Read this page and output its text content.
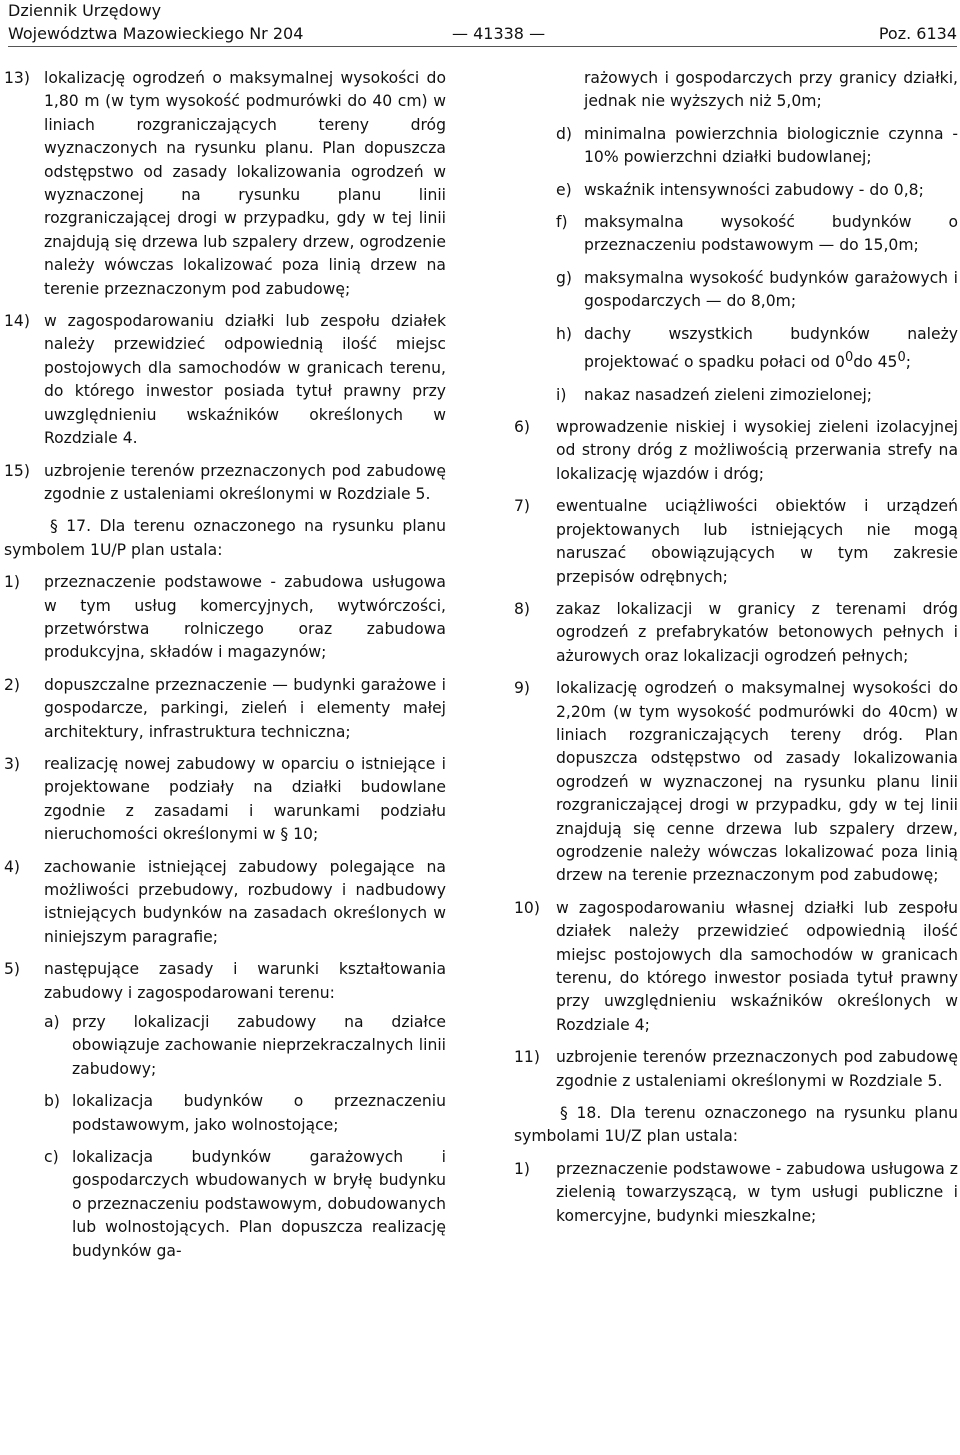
Dziennik Urzędowy
Województwa Mazowieckiego Nr 204	— 41338 —	Poz. 6134
13) lokalizację ogrodzeń o maksymalnej wysokości do 1,80 m (w tym wysokość podmurówki do 40 cm) w liniach rozgraniczających tereny dróg wyznaczonych na rysunku planu. Plan dopuszcza odstępstwo od zasady lokalizowania ogrodzeń w wyznaczonej na rysunku planu linii rozgraniczającej drogi w przypadku, gdy w tej linii znajdują się drzewa lub szpalery drzew, ogrodzenie należy wówczas lokalizować poza linią drzew na terenie przeznaczonym pod zabudowę;
14) w zagospodarowaniu działki lub zespołu działek należy przewidzieć odpowiednią ilość miejsc postojowych dla samochodów w granicach terenu, do którego inwestor posiada tytuł prawny przy uwzględnieniu wskaźników określonych w Rozdziale 4.
15) uzbrojenie terenów przeznaczonych pod zabudowę zgodnie z ustaleniami określonymi w Rozdziale 5.
§ 17. Dla terenu oznaczonego na rysunku planu symbolem 1U/P plan ustala:
1)	przeznaczenie podstawowe - zabudowa usługowa w tym usług komercyjnych, wytwórczości, przetwórstwa rolniczego oraz zabudowa produkcyjna, składów i magazynów;
2)	dopuszczalne przeznaczenie — budynki garażowe i gospodarcze, parkingi, zieleń i elementy małej architektury, infrastruktura techniczna;
3)	realizację nowej zabudowy w oparciu o istniejące i projektowane podziały na działki budowlane zgodnie z zasadami i warunkami podziału nieruchomości określonymi w § 10;
4)	zachowanie istniejącej zabudowy polegające na możliwości przebudowy, rozbudowy i nadbudowy istniejących budynków na zasadach określonych w niniejszym paragrafie;
5)	następujące zasady i warunki kształtowania zabudowy i zagospodarowani terenu:
a) przy lokalizacji zabudowy na działce obowiązuje zachowanie nieprzekraczalnych linii zabudowy;
b) lokalizacja budynków o przeznaczeniu podstawowym, jako wolnostojące;
c) lokalizacja budynków garażowych i gospodarczych wbudowanych w bryłę budynku o przeznaczeniu podstawowym, dobudowanych lub wolnostojących. Plan dopuszcza realizację budynków ga-
rażowych i gospodarczych przy granicy działki, jednak nie wyższych niż 5,0m;
d) minimalna powierzchnia biologicznie czynna - 10% powierzchni działki budowlanej;
e) wskaźnik intensywności zabudowy - do 0,8;
f)	maksymalna wysokość budynków o przeznaczeniu podstawowym — do 15,0m;
g) maksymalna wysokość budynków garażowych i gospodarczych — do 8,0m;
h) dachy wszystkich budynków należy projektować o spadku połaci od $0^0do$ $45^0$;
i)	nakaz nasadzeń zieleni zimozielonej;
6)	wprowadzenie niskiej i wysokiej zieleni izolacyjnej od strony dróg z możliwością przerwania strefy na lokalizację wjazdów i dróg;
7)	ewentualne uciążliwości obiektów i urządzeń projektowanych lub istniejących nie mogą naruszać obowiązujących w tym zakresie przepisów odrębnych;
8)	zakaz lokalizacji w granicy z terenami dróg ogrodzeń z prefabrykatów betonowych pełnych i ażurowych oraz lokalizacji ogrodzeń pełnych;
9)	lokalizację ogrodzeń o maksymalnej wysokości do 2,20m (w tym wysokość podmurówki do 40cm) w liniach rozgraniczających tereny dróg. Plan dopuszcza odstępstwo od zasady lokalizowania ogrodzeń w wyznaczonej na rysunku planu linii rozgraniczającej drogi w przypadku, gdy w tej linii znajdują się cenne drzewa lub szpalery drzew, ogrodzenie należy wówczas lokalizować poza linią drzew na terenie przeznaczonym pod zabudowę;
10)	w zagospodarowaniu własnej działki lub zespołu działek należy przewidzieć odpowiednią ilość miejsc postojowych dla samochodów w granicach terenu, do którego inwestor posiada tytuł prawny przy uwzględnieniu wskaźników określonych w Rozdziale 4;
11)	uzbrojenie terenów przeznaczonych pod zabudowę zgodnie z ustaleniami określonymi w Rozdziale 5.
§ 18. Dla terenu oznaczonego na rysunku planu symbolami 1U/Z plan ustala:
1)	przeznaczenie podstawowe - zabudowa usługowa z zielenią towarzyszącą, w tym usługi publiczne i komercyjne, budynki mieszkalne;
